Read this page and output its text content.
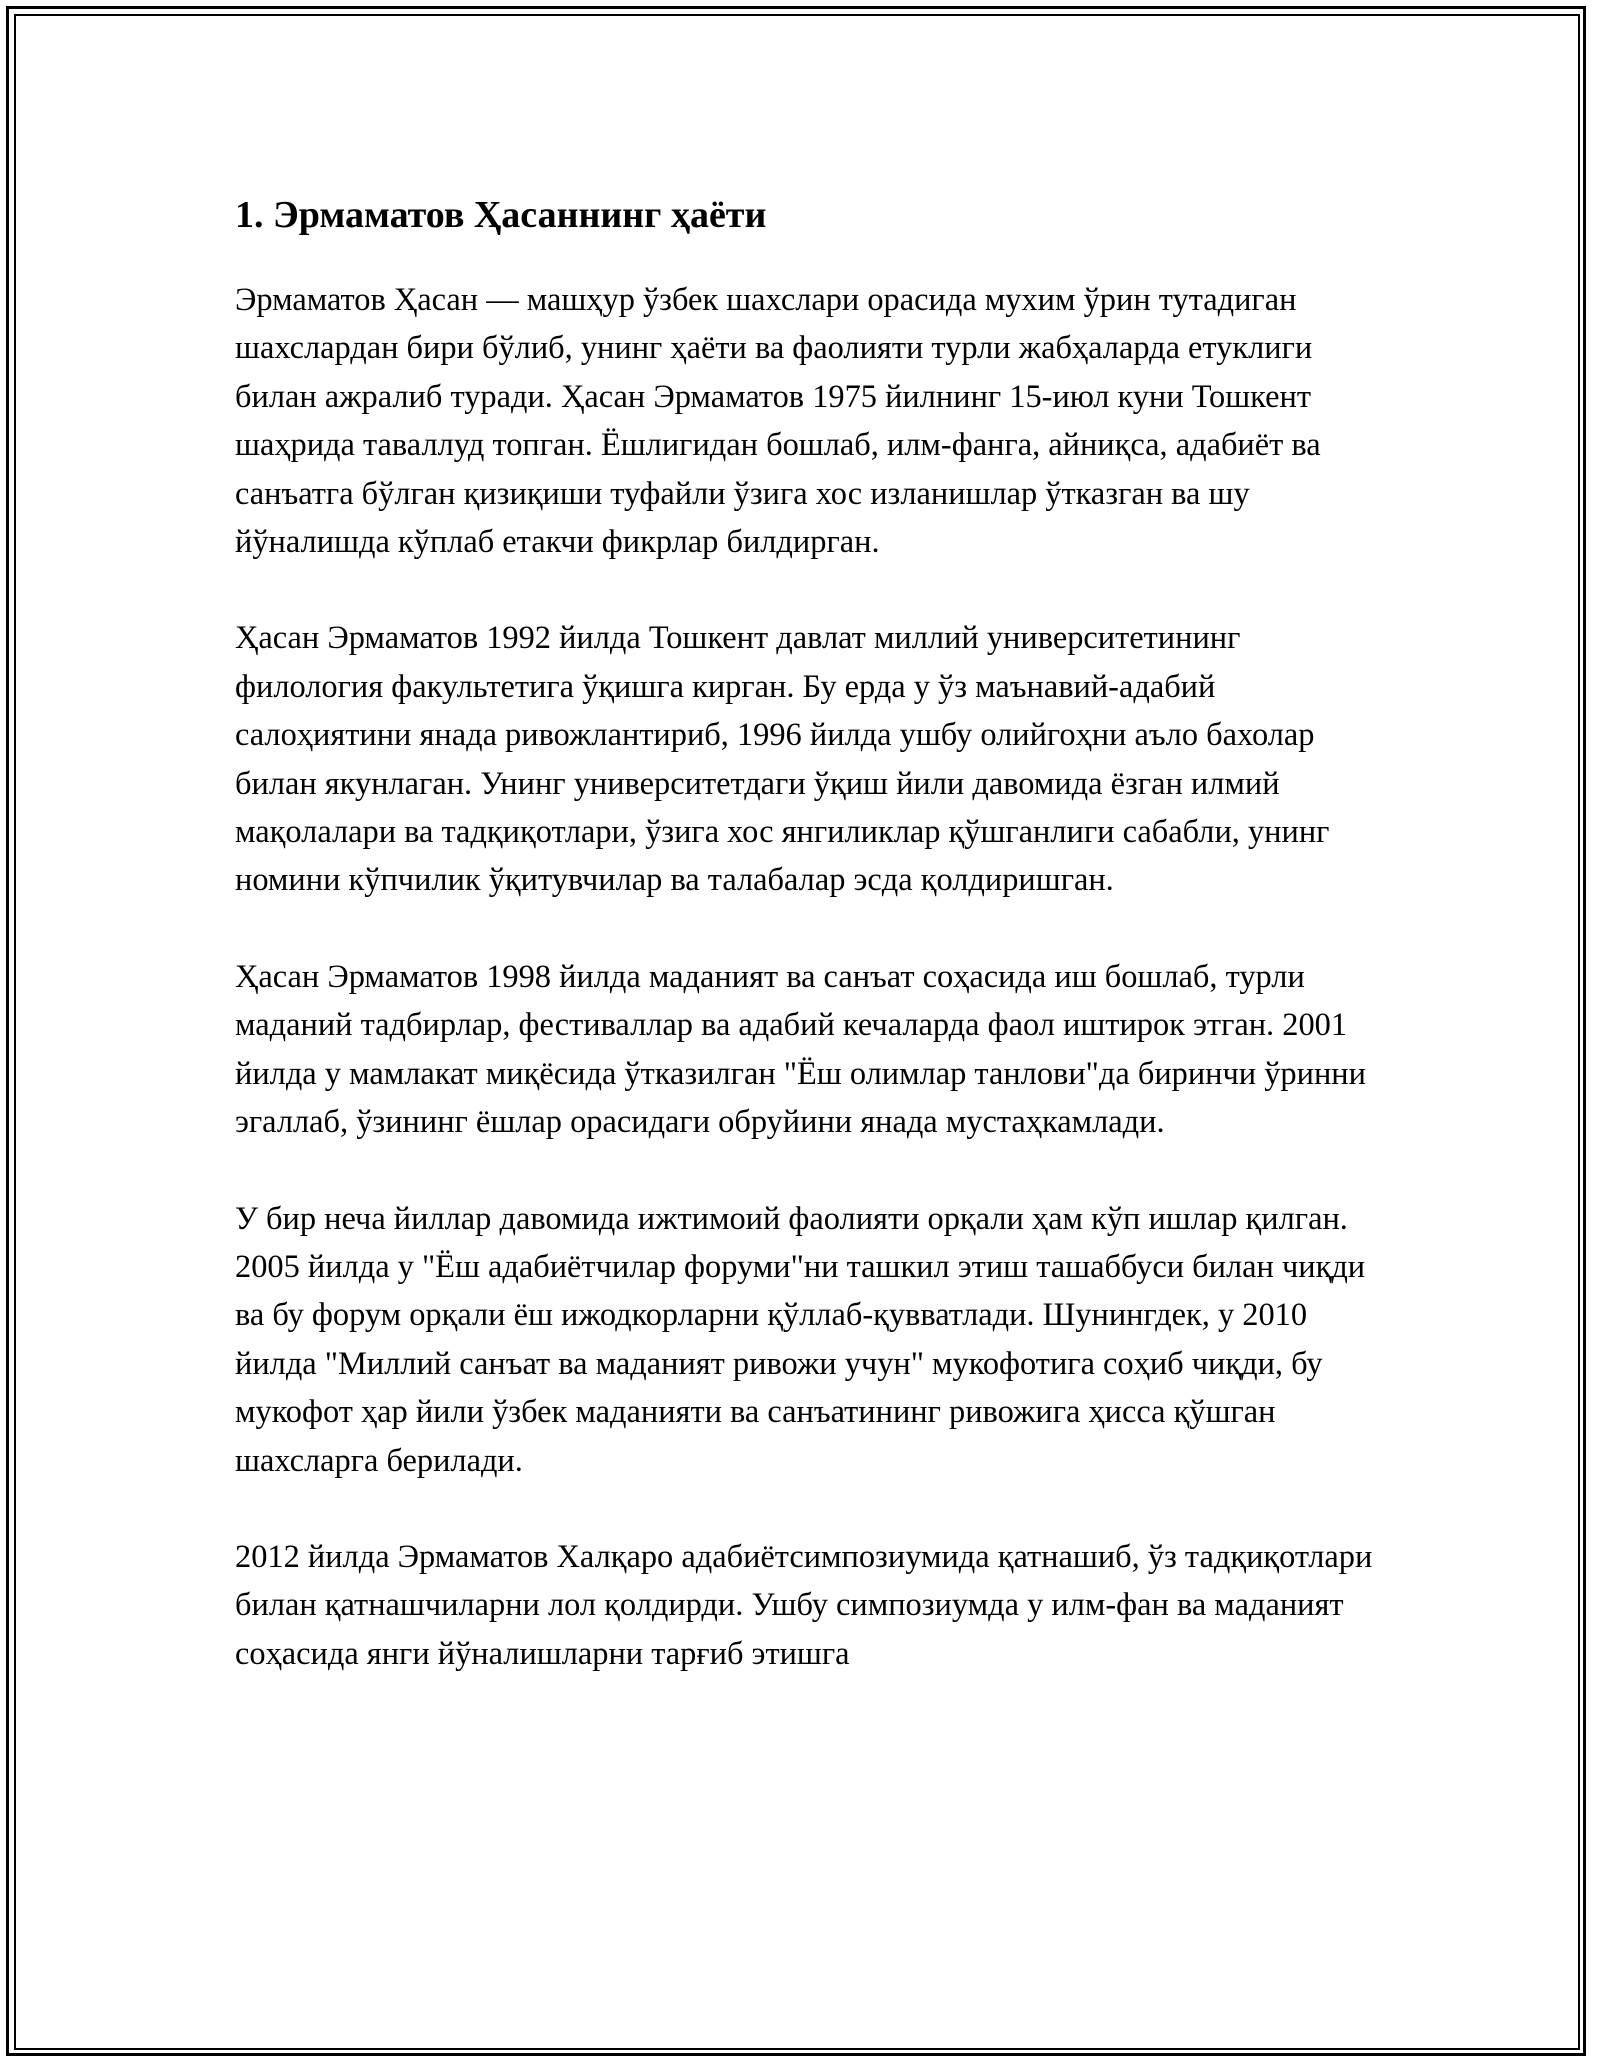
1. Эрмаматов Ҳасаннинг ҳаёти

Эрмаматов Ҳасан — машҳур ўзбек шахслари орасида мухим ўрин тутадиган шахслардан бири бўлиб, унинг ҳаёти ва фаолияти турли жабҳаларда етуклиги билан ажралиб туради. Ҳасан Эрмаматов 1975 йилнинг 15-июл куни Тошкент шаҳрида таваллуд топган. Ёшлигидан бошлаб, илм-фанга, айниқса, адабиёт ва санъатга бўлган қизиқиши туфайли ўзига хос изланишлар ўтказган ва шу йўналишда кўплаб етакчи фикрлар билдирган.

Ҳасан Эрмаматов 1992 йилда Тошкент давлат миллий университетининг филология факультетига ўқишга кирган. Бу ерда у ўз маънавий-адабий салоҳиятини янада ривожлантириб, 1996 йилда ушбу олийгоҳни аъло бахолар билан якунлаган. Унинг университетдаги ўқиш йили давомида ёзган илмий мақолалари ва тадқиқотлари, ўзига хос янгиликлар қўшганлиги сабабли, унинг номини кўпчилик ўқитувчилар ва талабалар эсда қолдиришган.

Ҳасан Эрмаматов 1998 йилда маданият ва санъат соҳасида иш бошлаб, турли маданий тадбирлар, фестиваллар ва адабий кечаларда фаол иштирок этган. 2001 йилда у мамлакат миқёсида ўтказилган "Ёш олимлар танлови"да биринчи ўринни эгаллаб, ўзининг ёшлар орасидаги обруйини янада мустаҳкамлади.

У бир неча йиллар давомида ижтимоий фаолияти орқали ҳам кўп ишлар қилган. 2005 йилда у "Ёш адабиётчилар форуми"ни ташкил этиш ташаббуси билан чиқди ва бу форум орқали ёш ижодкорларни қўллаб-қувватлади. Шунингдек, у 2010 йилда "Миллий санъат ва маданият ривожи учун" мукофотига соҳиб чиқди, бу мукофот ҳар йили ўзбек маданияти ва санъатининг ривожига ҳисса қўшган шахсларга берилади.

2012 йилда Эрмаматов Халқаро адабиётсимпозиумида қатнашиб, ўз тадқиқотлари билан қатнашчиларни лол қолдирди. Ушбу симпозиумда у илм-фан ва маданият соҳасида янги йўналишларни тарғиб этишга
